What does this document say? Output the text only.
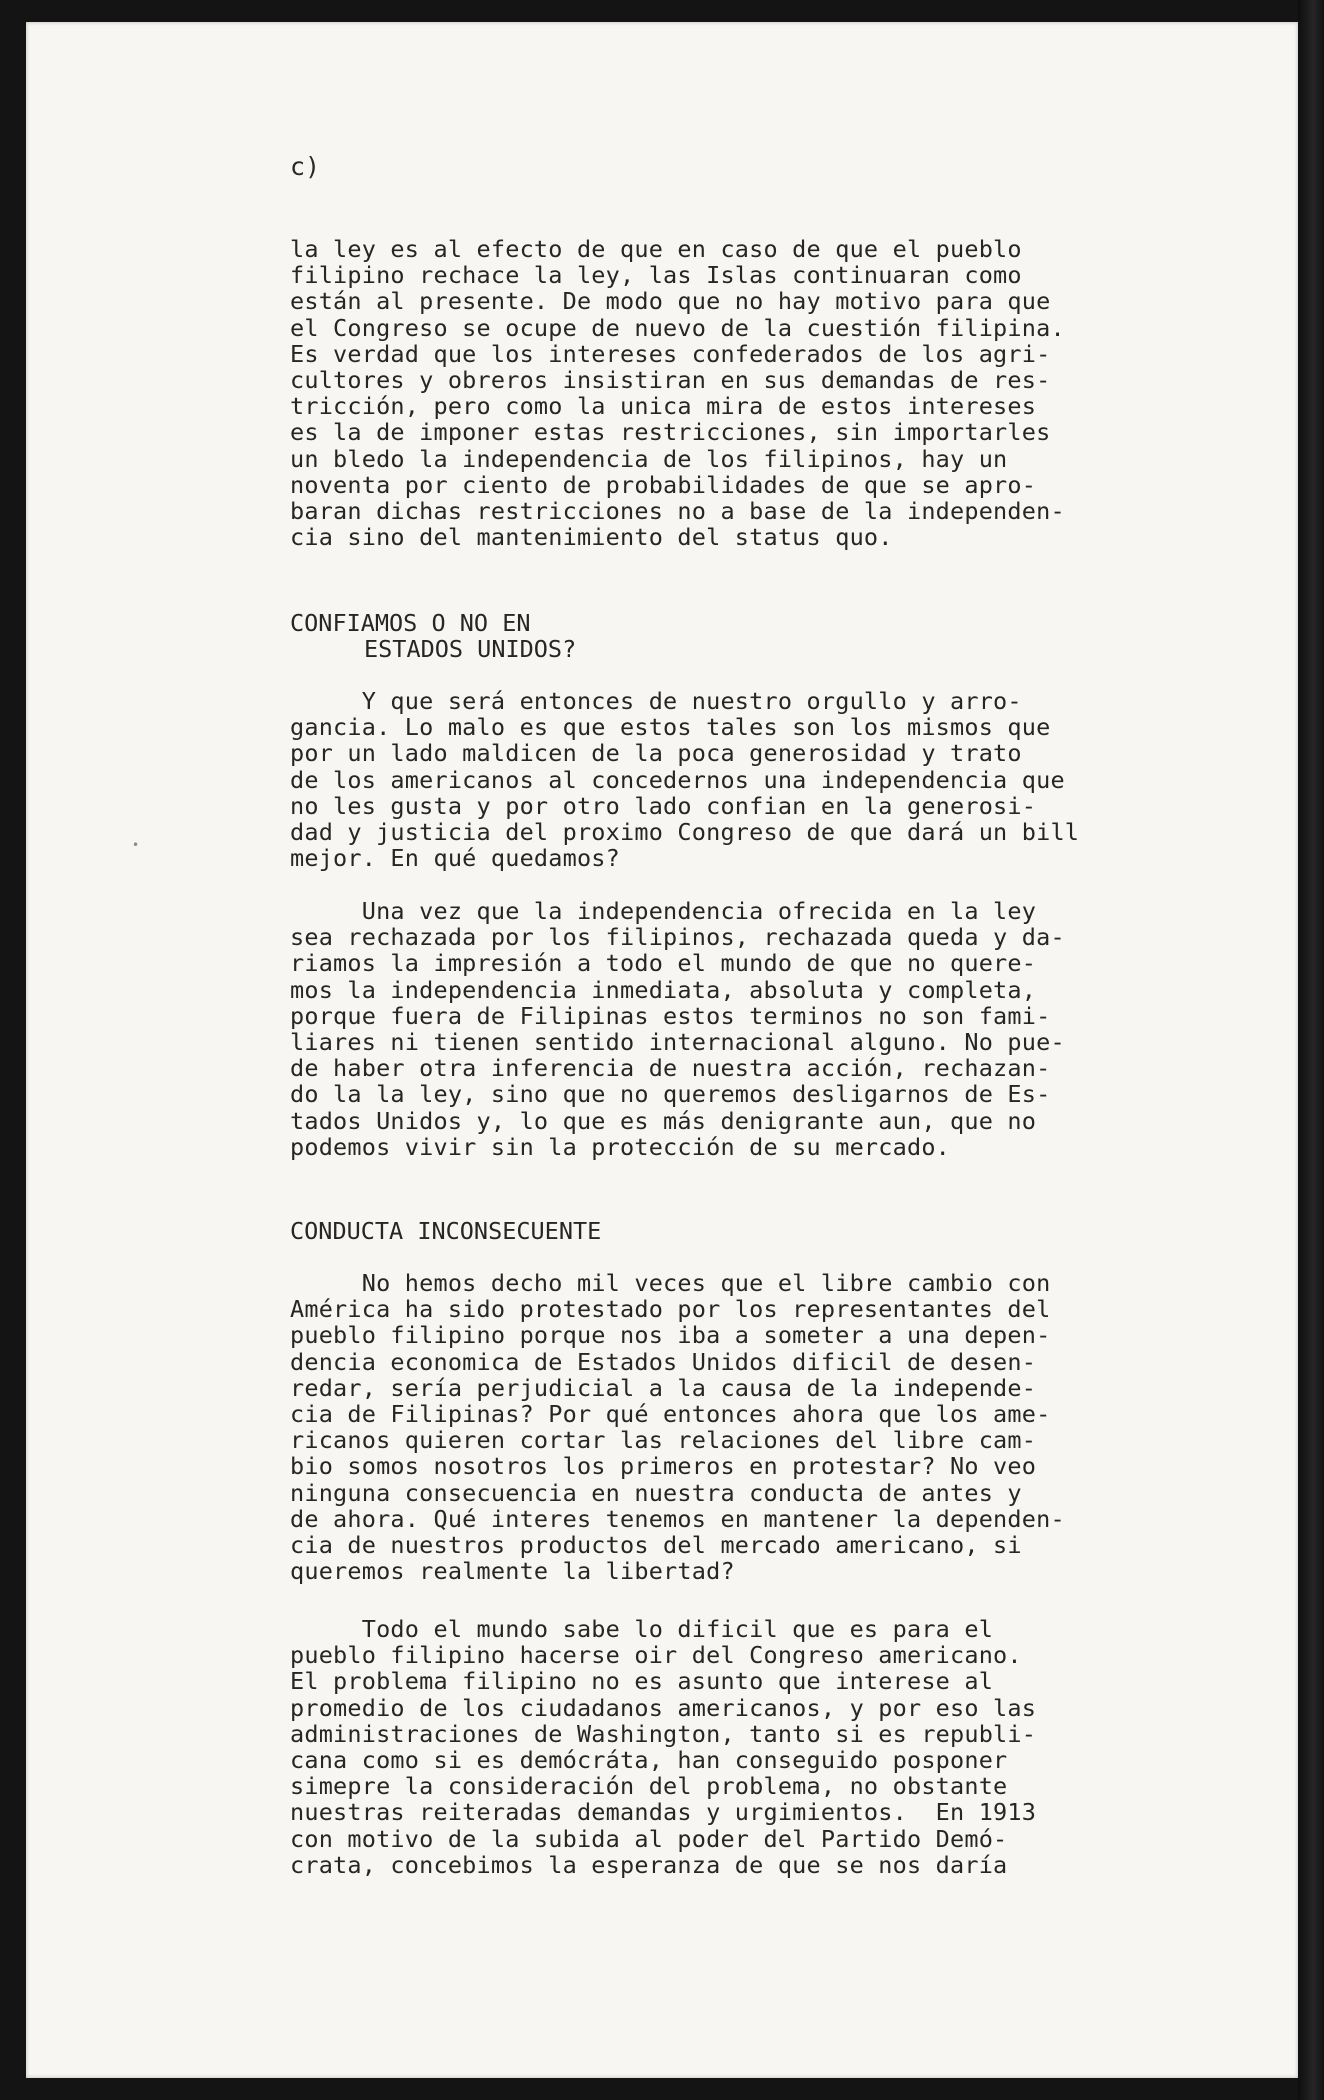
c)

•
la ley es al efecto de que en caso de que el pueblo
filipino rechace la ley, las Islas continuaran como
están al presente. De modo que no hay motivo para que
el Congreso se ocupe de nuevo de la cuestión filipina.
Es verdad que los intereses confederados de los agri-
cultores y obreros insistiran en sus demandas de res-
tricción, pero como la unica mira de estos intereses
es la de imponer estas restricciones, sin importarles
un bledo la independencia de los filipinos, hay un
noventa por ciento de probabilidades de que se apro-
baran dichas restricciones no a base de la independen-
cia sino del mantenimiento del status quo.
CONFIAMOS O NO EN
ESTADOS UNIDOS?
Y que será entonces de nuestro orgullo y arro-
gancia. Lo malo es que estos tales son los mismos que
por un lado maldicen de la poca generosidad y trato
de los americanos al concedernos una independencia que
no les gusta y por otro lado confian en la generosi-
dad y justicia del proximo Congreso de que dará un bill
mejor. En qué quedamos?
Una vez que la independencia ofrecida en la ley
sea rechazada por los filipinos, rechazada queda y da-
riamos la impresión a todo el mundo de que no quere-
mos la independencia inmediata, absoluta y completa,
porque fuera de Filipinas estos terminos no son fami-
liares ni tienen sentido internacional alguno. No pue-
de haber otra inferencia de nuestra acción, rechazan-
do la la ley, sino que no queremos desligarnos de Es-
tados Unidos y, lo que es más denigrante aun, que no
podemos vivir sin la protección de su mercado.
CONDUCTA INCONSECUENTE
No hemos decho mil veces que el libre cambio con
América ha sido protestado por los representantes del
pueblo filipino porque nos iba a someter a una depen-
dencia economica de Estados Unidos dificil de desen-
redar, sería perjudicial a la causa de la independe-
cia de Filipinas? Por qué entonces ahora que los ame-
ricanos quieren cortar las relaciones del libre cam-
bio somos nosotros los primeros en protestar? No veo
ninguna consecuencia en nuestra conducta de antes y
de ahora. Qué interes tenemos en mantener la dependen-
cia de nuestros productos del mercado americano, si
queremos realmente la libertad?
Todo el mundo sabe lo dificil que es para el
pueblo filipino hacerse oir del Congreso americano.
El problema filipino no es asunto que interese al
promedio de los ciudadanos americanos, y por eso las
administraciones de Washington, tanto si es republi-
cana como si es demócráta, han conseguido posponer
simepre la consideración del problema, no obstante
nuestras reiteradas demandas y urgimientos.  En 1913
con motivo de la subida al poder del Partido Demó-
crata, concebimos la esperanza de que se nos daría
